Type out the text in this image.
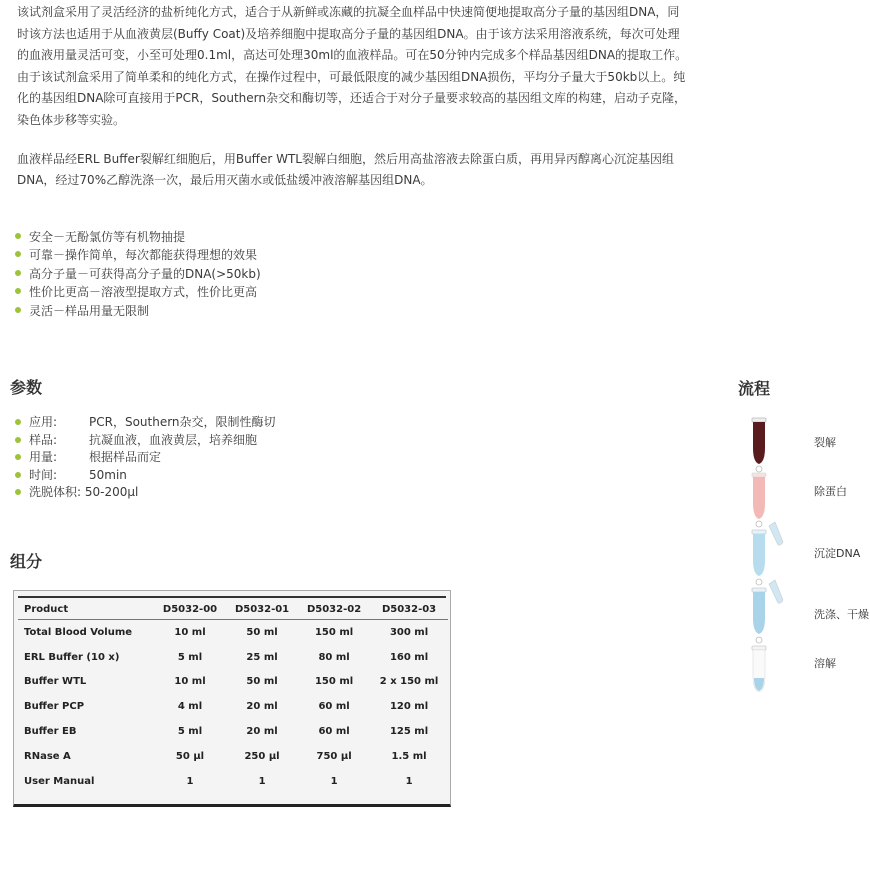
该试剂盒采用了灵活经济的盐析纯化方式，适合于从新鲜或冻藏的抗凝全血样品中快速简便地提取高分子量的基因组DNA，同时该方法也适用于从血液黄层(Buffy Coat)及培养细胞中提取高分子量的基因组DNA。由于该方法采用溶液系统，每次可处理的血液用量灵活可变，小至可处理0.1ml，高达可处理30ml的血液样品。可在50分钟内完成多个样品基因组DNA的提取工作。由于该试剂盒采用了简单柔和的纯化方式，在操作过程中，可最低限度的减少基因组DNA损伤，平均分子量大于50kb以上。纯化的基因组DNA除可直接用于PCR，Southern杂交和酶切等，还适合于对分子量要求较高的基因组文库的构建，启动子克隆，染色体步移等实验。

血液样品经ERL Buffer裂解红细胞后，用Buffer WTL裂解白细胞，然后用高盐溶液去除蛋白质，再用异丙醇离心沉淀基因组DNA，经过70%乙醇洗涤一次，最后用灭菌水或低盐缓冲液溶解基因组DNA。

安全－无酚氯仿等有机物抽提
可靠－操作简单，每次都能获得理想的效果
高分子量－可获得高分子量的DNA(>50kb)
性价比更高－溶液型提取方式，性价比更高
灵活－样品用量无限制
参数
应用:	PCR，Southern杂交，限制性酶切
样品:	抗凝血液，血液黄层，培养细胞
用量:	根据样品而定
时间:	50min
洗脱体积: 50-200μl
组分
Product	D5032-00	D5032-01	D5032-02	D5032-03
Total Blood Volume	10 ml	50 ml	150 ml	300 ml
ERL Buffer (10 x)	5 ml	25 ml	80 ml	160 ml
Buffer WTL	10 ml	50 ml	150 ml	2 x 150 ml
Buffer PCP	4 ml	20 ml	60 ml	120 ml
Buffer EB	5 ml	20 ml	60 ml	125 ml
RNase A	50 μl	250 μl	750 μl	1.5 ml
User Manual	1	1	1	1
流程
裂解
除蛋白
沉淀DNA
洗涤、干燥
溶解
